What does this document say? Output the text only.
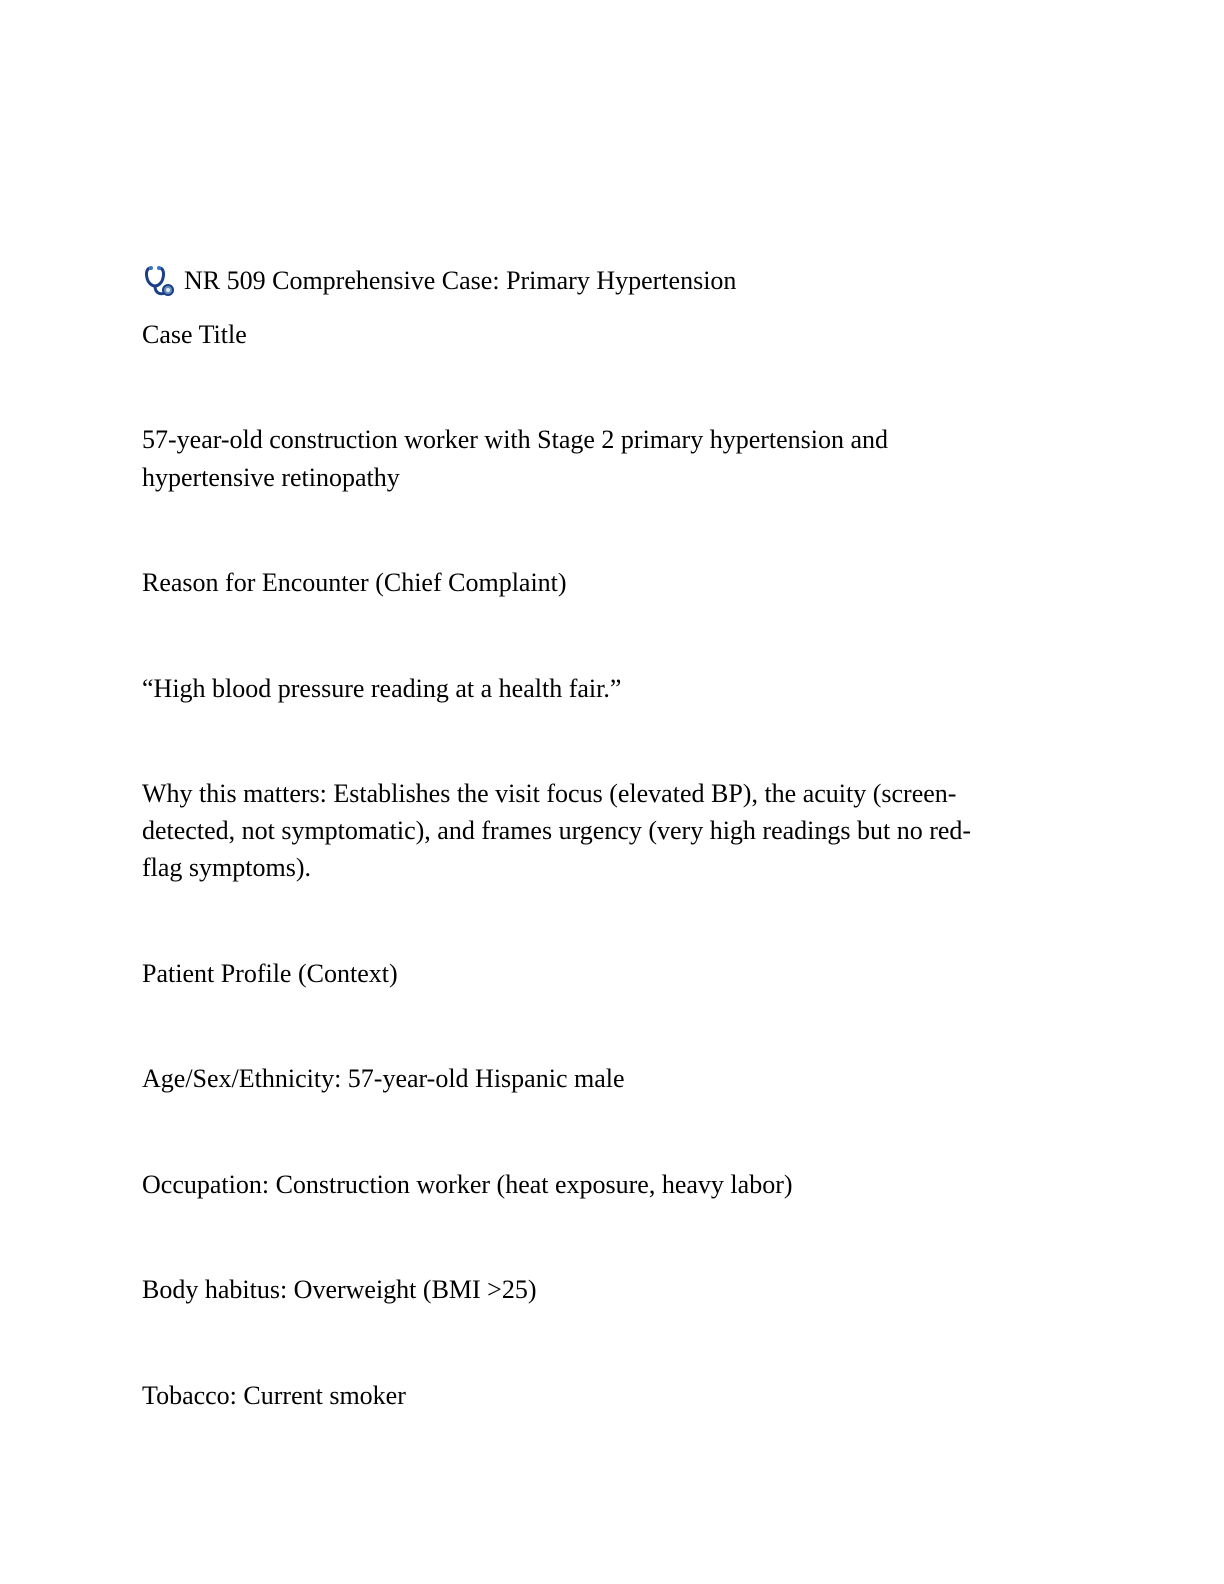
NR 509 Comprehensive Case: Primary Hypertension
Case Title
57-year-old construction worker with Stage 2 primary hypertension and
hypertensive retinopathy
Reason for Encounter (Chief Complaint)
“High blood pressure reading at a health fair.”
Why this matters: Establishes the visit focus (elevated BP), the acuity (screen-
detected, not symptomatic), and frames urgency (very high readings but no red-
flag symptoms).
Patient Profile (Context)
Age/Sex/Ethnicity: 57-year-old Hispanic male
Occupation: Construction worker (heat exposure, heavy labor)
Body habitus: Overweight (BMI >25)
Tobacco: Current smoker
